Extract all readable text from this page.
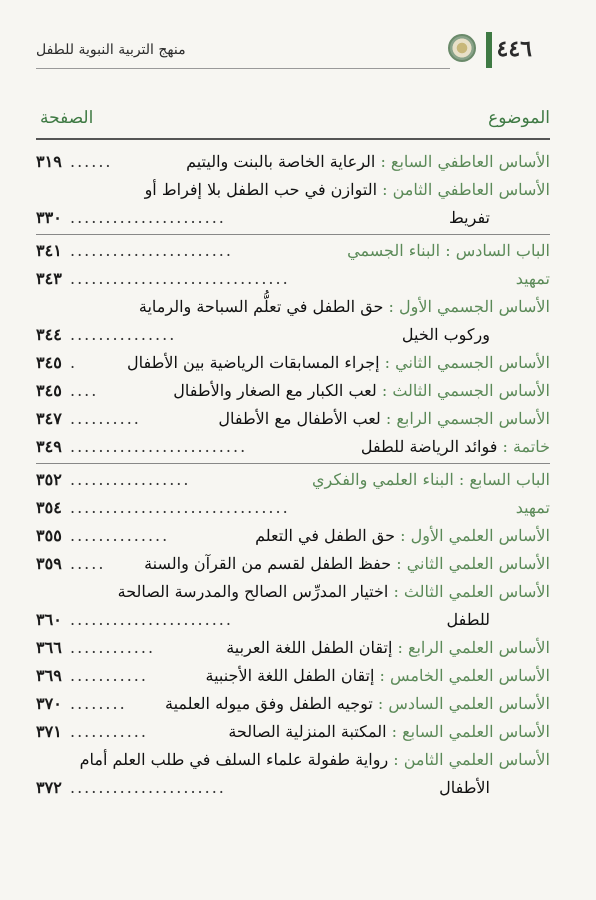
٤٤٦
منهج التربية النبوية للطفل
الموضوع
الصفحة
الأساس العاطفي السابع : الرعاية الخاصة بالبنت واليتيم
......
٣١٩
الأساس العاطفي الثامن : التوازن في حب الطفل بلا إفراط أو
تفريط
......................
٣٣٠
الباب السادس : البناء الجسمي
.......................
٣٤١
تمهيد
...............................
٣٤٣
الأساس الجسمي الأول : حق الطفل في تعلُّم السباحة والرماية
وركوب الخيل
...............
٣٤٤
الأساس الجسمي الثاني : إجراء المسابقات الرياضية بين الأطفال
.
٣٤٥
الأساس الجسمي الثالث : لعب الكبار مع الصغار والأطفال
....
٣٤٥
الأساس الجسمي الرابع : لعب الأطفال مع الأطفال
..........
٣٤٧
خاتمة : فوائد الرياضة للطفل
.........................
٣٤٩
الباب السابع : البناء العلمي والفكري
.................
٣٥٢
تمهيد
...............................
٣٥٤
الأساس العلمي الأول : حق الطفل في التعلم
..............
٣٥٥
الأساس العلمي الثاني : حفظ الطفل لقسم من القرآن والسنة
.....
٣٥٩
الأساس العلمي الثالث : اختيار المدرِّس الصالح والمدرسة الصالحة
للطفل
.......................
٣٦٠
الأساس العلمي الرابع : إتقان الطفل اللغة العربية
............
٣٦٦
الأساس العلمي الخامس : إتقان الطفل اللغة الأجنبية
...........
٣٦٩
الأساس العلمي السادس : توجيه الطفل وفق ميوله العلمية
........
٣٧٠
الأساس العلمي السابع : المكتبة المنزلية الصالحة
...........
٣٧١
الأساس العلمي الثامن : رواية طفولة علماء السلف في طلب العلم أمام
الأطفال
......................
٣٧٢
